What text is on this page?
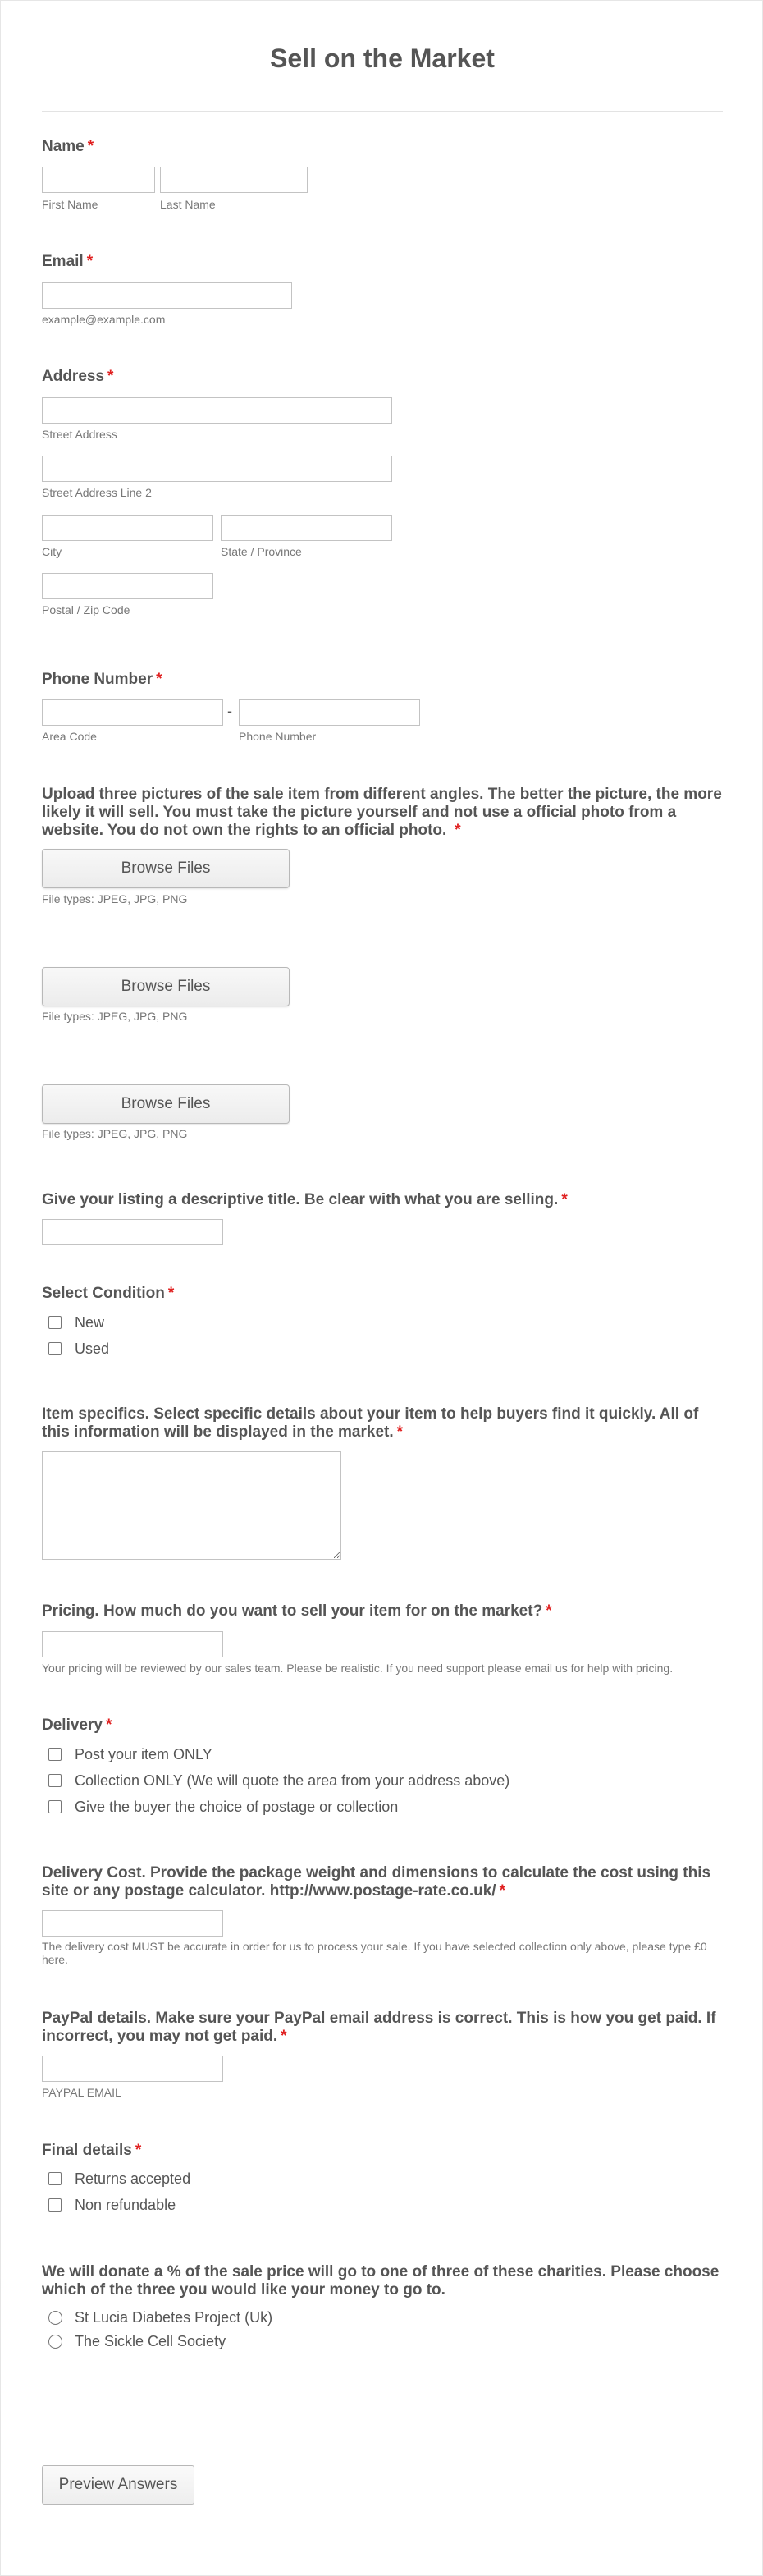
Sell on the Market
Name *
First Name	Last Name
Email *
example@example.com
Address *
Street Address
Street Address Line 2
City	State / Province
Postal / Zip Code
Phone Number *
-
Area Code	Phone Number
Upload three pictures of the sale item from different angles. The better the picture, the more likely it will sell. You must take the picture yourself and not use a official photo from a website. You do not own the rights to an official photo. *
Browse Files
File types: JPEG, JPG, PNG
Browse Files
File types: JPEG, JPG, PNG
Browse Files
File types: JPEG, JPG, PNG
Give your listing a descriptive title. Be clear with what you are selling. *
Select Condition *
New
Used
Item specifics. Select specific details about your item to help buyers find it quickly. All of this information will be displayed in the market. *
Pricing. How much do you want to sell your item for on the market? *
Your pricing will be reviewed by our sales team. Please be realistic. If you need support please email us for help with pricing.
Delivery *
Post your item ONLY
Collection ONLY (We will quote the area from your address above)
Give the buyer the choice of postage or collection
Delivery Cost. Provide the package weight and dimensions to calculate the cost using this site or any postage calculator. http://www.postage-rate.co.uk/ *
The delivery cost MUST be accurate in order for us to process your sale. If you have selected collection only above, please type £0 here.
PayPal details. Make sure your PayPal email address is correct. This is how you get paid. If incorrect, you may not get paid. *
PAYPAL EMAIL
Final details *
Returns accepted
Non refundable
We will donate a % of the sale price will go to one of three of these charities. Please choose which of the three you would like your money to go to.
St Lucia Diabetes Project (Uk)
The Sickle Cell Society
Preview Answers
